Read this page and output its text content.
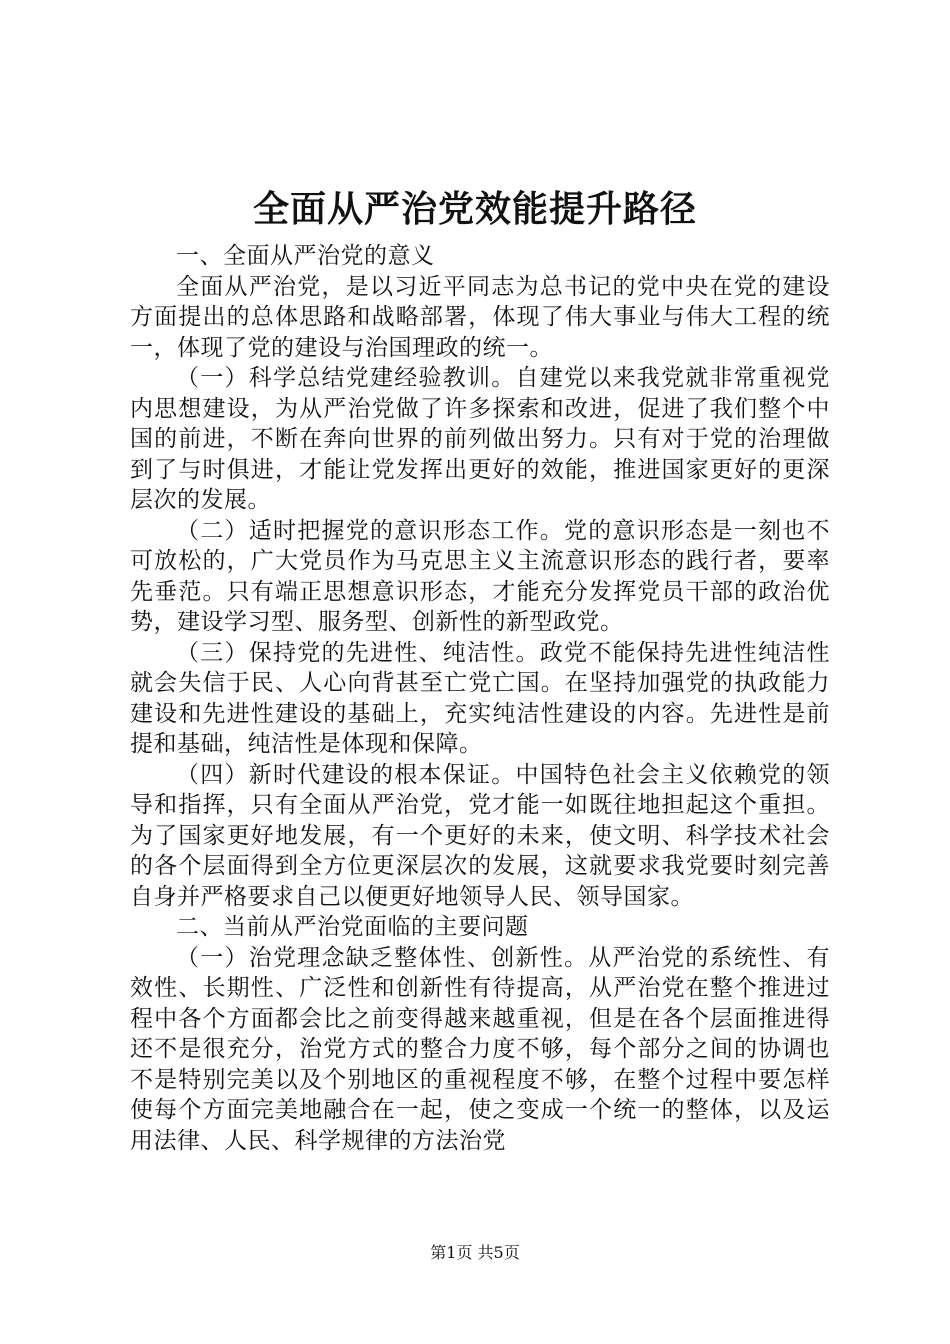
全面从严治党效能提升路径

一、全面从严治党的意义

全面从严治党，是以习近平同志为总书记的党中央在党的建设方面提出的总体思路和战略部署，体现了伟大事业与伟大工程的统一，体现了党的建设与治国理政的统一。

（一）科学总结党建经验教训。自建党以来我党就非常重视党内思想建设，为从严治党做了许多探索和改进，促进了我们整个中国的前进，不断在奔向世界的前列做出努力。只有对于党的治理做到了与时俱进，才能让党发挥出更好的效能，推进国家更好的更深层次的发展。

（二）适时把握党的意识形态工作。党的意识形态是一刻也不可放松的，广大党员作为马克思主义主流意识形态的践行者，要率先垂范。只有端正思想意识形态，才能充分发挥党员干部的政治优势，建设学习型、服务型、创新性的新型政党。

（三）保持党的先进性、纯洁性。政党不能保持先进性纯洁性就会失信于民、人心向背甚至亡党亡国。在坚持加强党的执政能力建设和先进性建设的基础上，充实纯洁性建设的内容。先进性是前提和基础，纯洁性是体现和保障。

（四）新时代建设的根本保证。中国特色社会主义依赖党的领导和指挥，只有全面从严治党，党才能一如既往地担起这个重担。为了国家更好地发展，有一个更好的未来，使文明、科学技术社会的各个层面得到全方位更深层次的发展，这就要求我党要时刻完善自身并严格要求自己以便更好地领导人民、领导国家。

二、当前从严治党面临的主要问题

（一）治党理念缺乏整体性、创新性。从严治党的系统性、有效性、长期性、广泛性和创新性有待提高，从严治党在整个推进过程中各个方面都会比之前变得越来越重视，但是在各个层面推进得还不是很充分，治党方式的整合力度不够，每个部分之间的协调也不是特别完美以及个别地区的重视程度不够，在整个过程中要怎样使每个方面完美地融合在一起，使之变成一个统一的整体，以及运用法律、人民、科学规律的方法治党

第1页 共5页
